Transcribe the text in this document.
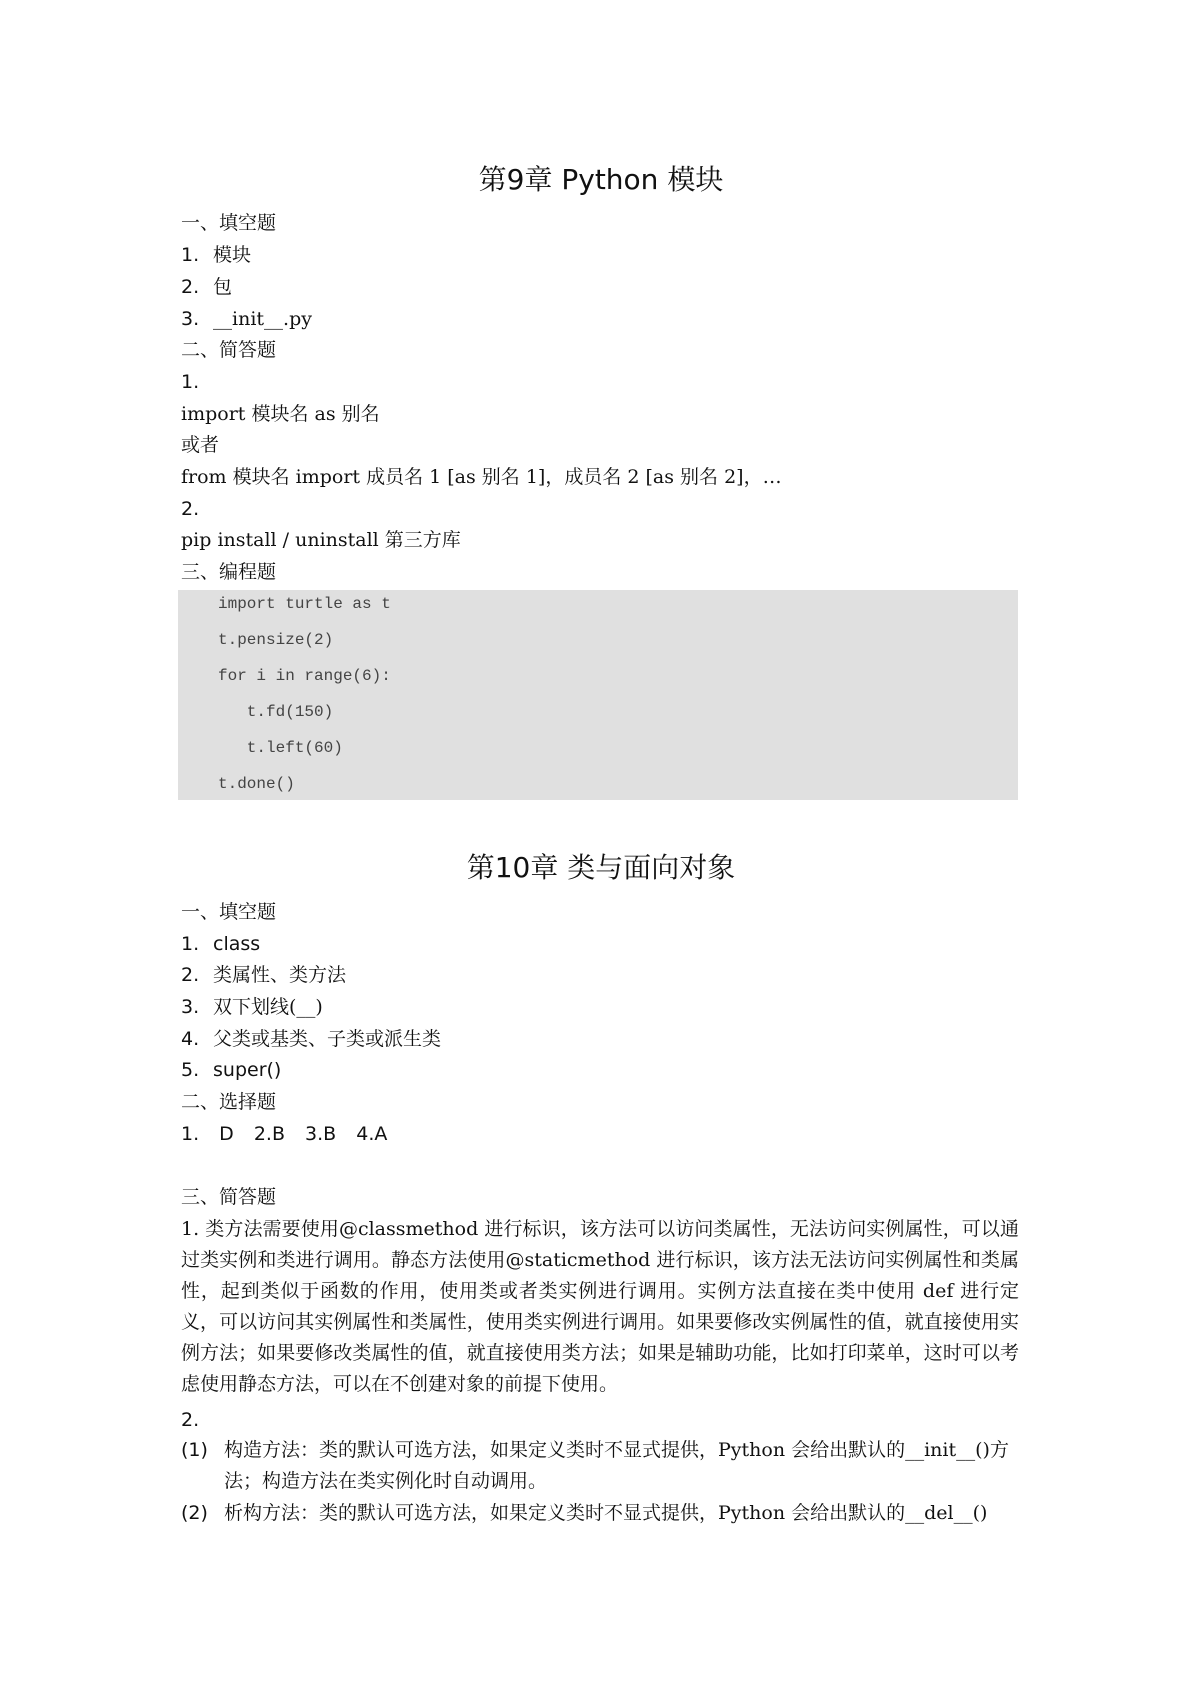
第9章 Python 模块
一、填空题
1. 模块
2. 包
3. __init__.py
二、简答题
1.
import 模块名 as 别名
或者
from 模块名 import 成员名 1 [as 别名 1]，成员名 2 [as 别名 2]，…
2.
pip install / uninstall 第三方库
三、编程题
import turtle as t
t.pensize(2)
for i in range(6):
t.fd(150)
t.left(60)
t.done()
第10章 类与面向对象
一、填空题
1. class
2. 类属性、类方法
3. 双下划线(__)
4. 父类或基类、子类或派生类
5. super()
二、选择题
1. D 2.B 3.B 4.A
三、简答题
1. 类方法需要使用@classmethod 进行标识，该方法可以访问类属性，无法访问实例属性，可以通过类实例和类进行调用。静态方法使用@staticmethod 进行标识，该方法无法访问实例属性和类属性，起到类似于函数的作用，使用类或者类实例进行调用。实例方法直接在类中使用 def 进行定义，可以访问其实例属性和类属性，使用类实例进行调用。如果要修改实例属性的值，就直接使用实例方法；如果要修改类属性的值，就直接使用类方法；如果是辅助功能，比如打印菜单，这时可以考虑使用静态方法，可以在不创建对象的前提下使用。
2.
(1) 构造方法：类的默认可选方法，如果定义类时不显式提供，Python 会给出默认的__init__()方法；构造方法在类实例化时自动调用。
(2) 析构方法：类的默认可选方法，如果定义类时不显式提供，Python 会给出默认的__del__()
